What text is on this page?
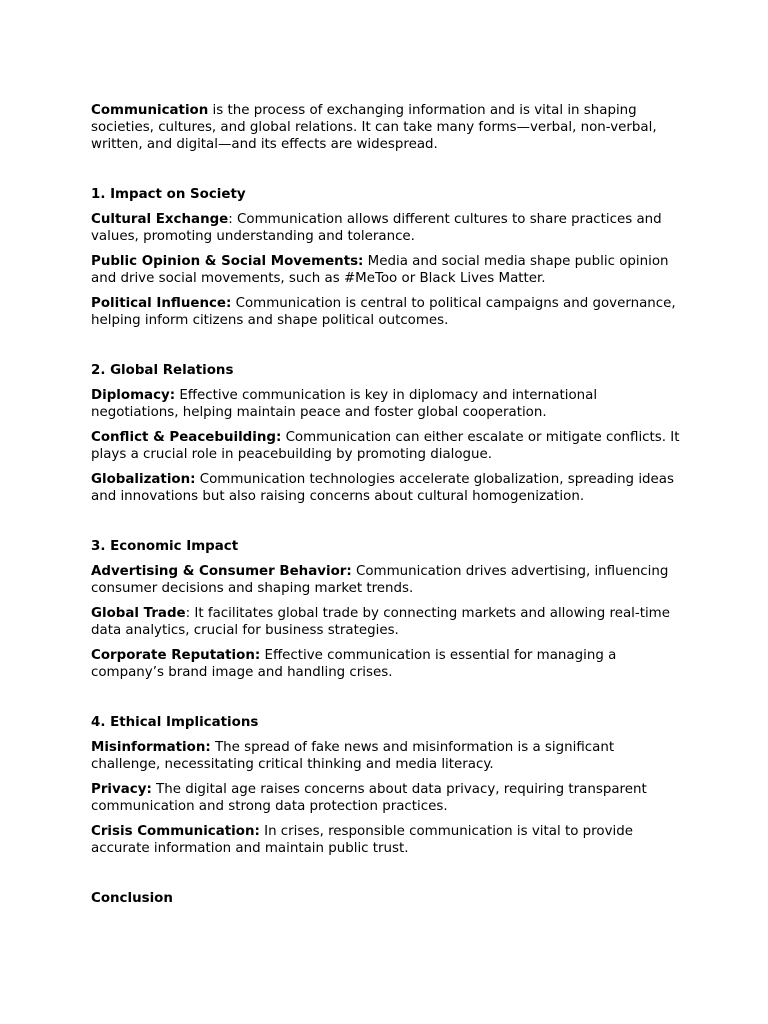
Communication is the process of exchanging information and is vital in shaping societies, cultures, and global relations. It can take many forms—verbal, non-verbal, written, and digital—and its effects are widespread.

1. Impact on Society

Cultural Exchange: Communication allows different cultures to share practices and values, promoting understanding and tolerance.

Public Opinion & Social Movements: Media and social media shape public opinion and drive social movements, such as #MeToo or Black Lives Matter.

Political Influence: Communication is central to political campaigns and governance, helping inform citizens and shape political outcomes.

2. Global Relations

Diplomacy: Effective communication is key in diplomacy and international negotiations, helping maintain peace and foster global cooperation.

Conflict & Peacebuilding: Communication can either escalate or mitigate conflicts. It plays a crucial role in peacebuilding by promoting dialogue.

Globalization: Communication technologies accelerate globalization, spreading ideas and innovations but also raising concerns about cultural homogenization.

3. Economic Impact

Advertising & Consumer Behavior: Communication drives advertising, influencing consumer decisions and shaping market trends.

Global Trade: It facilitates global trade by connecting markets and allowing real-time data analytics, crucial for business strategies.

Corporate Reputation: Effective communication is essential for managing a company’s brand image and handling crises.

4. Ethical Implications

Misinformation: The spread of fake news and misinformation is a significant challenge, necessitating critical thinking and media literacy.

Privacy: The digital age raises concerns about data privacy, requiring transparent communication and strong data protection practices.

Crisis Communication: In crises, responsible communication is vital to provide accurate information and maintain public trust.

Conclusion
